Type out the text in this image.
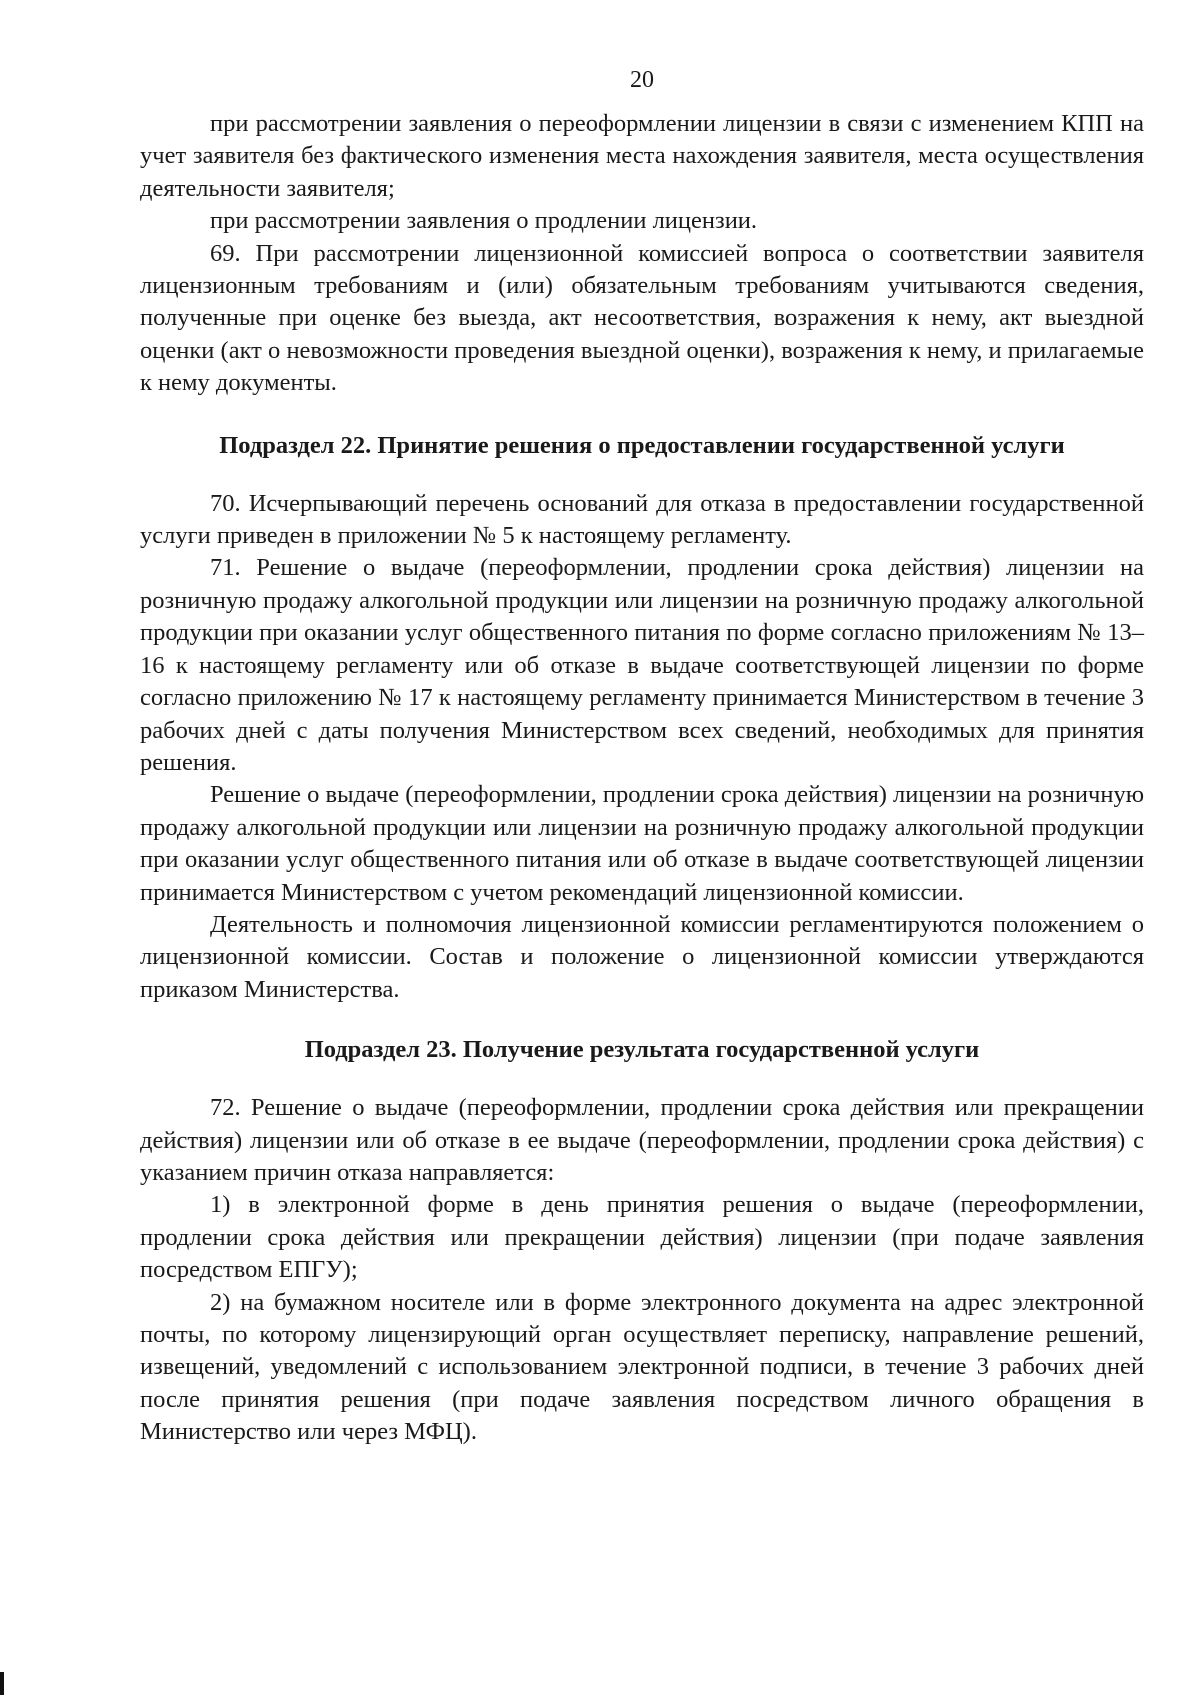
20

при рассмотрении заявления о переоформлении лицензии в связи с изменением КПП на учет заявителя без фактического изменения места нахождения заявителя, места осуществления деятельности заявителя;

при рассмотрении заявления о продлении лицензии.

69. При рассмотрении лицензионной комиссией вопроса о соответствии заявителя лицензионным требованиям и (или) обязательным требованиям учитываются сведения, полученные при оценке без выезда, акт несоответствия, возражения к нему, акт выездной оценки (акт о невозможности проведения выездной оценки), возражения к нему, и прилагаемые к нему документы.

Подраздел 22. Принятие решения о предоставлении государственной услуги

70. Исчерпывающий перечень оснований для отказа в предоставлении государственной услуги приведен в приложении № 5 к настоящему регламенту.

71. Решение о выдаче (переоформлении, продлении срока действия) лицензии на розничную продажу алкогольной продукции или лицензии на розничную продажу алкогольной продукции при оказании услуг общественного питания по форме согласно приложениям № 13–16 к настоящему регламенту или об отказе в выдаче соответствующей лицензии по форме согласно приложению № 17 к настоящему регламенту принимается Министерством в течение 3 рабочих дней с даты получения Министерством всех сведений, необходимых для принятия решения.

Решение о выдаче (переоформлении, продлении срока действия) лицензии на розничную продажу алкогольной продукции или лицензии на розничную продажу алкогольной продукции при оказании услуг общественного питания или об отказе в выдаче соответствующей лицензии принимается Министерством с учетом рекомендаций лицензионной комиссии.

Деятельность и полномочия лицензионной комиссии регламентируются положением о лицензионной комиссии. Состав и положение о лицензионной комиссии утверждаются приказом Министерства.

Подраздел 23. Получение результата государственной услуги

72. Решение о выдаче (переоформлении, продлении срока действия или прекращении действия) лицензии или об отказе в ее выдаче (переоформлении, продлении срока действия) с указанием причин отказа направляется:

1) в электронной форме в день принятия решения о выдаче (переоформлении, продлении срока действия или прекращении действия) лицензии (при подаче заявления посредством ЕПГУ);

2) на бумажном носителе или в форме электронного документа на адрес электронной почты, по которому лицензирующий орган осуществляет переписку, направление решений, извещений, уведомлений с использованием электронной подписи, в течение 3 рабочих дней после принятия решения (при подаче заявления посредством личного обращения в Министерство или через МФЦ).
